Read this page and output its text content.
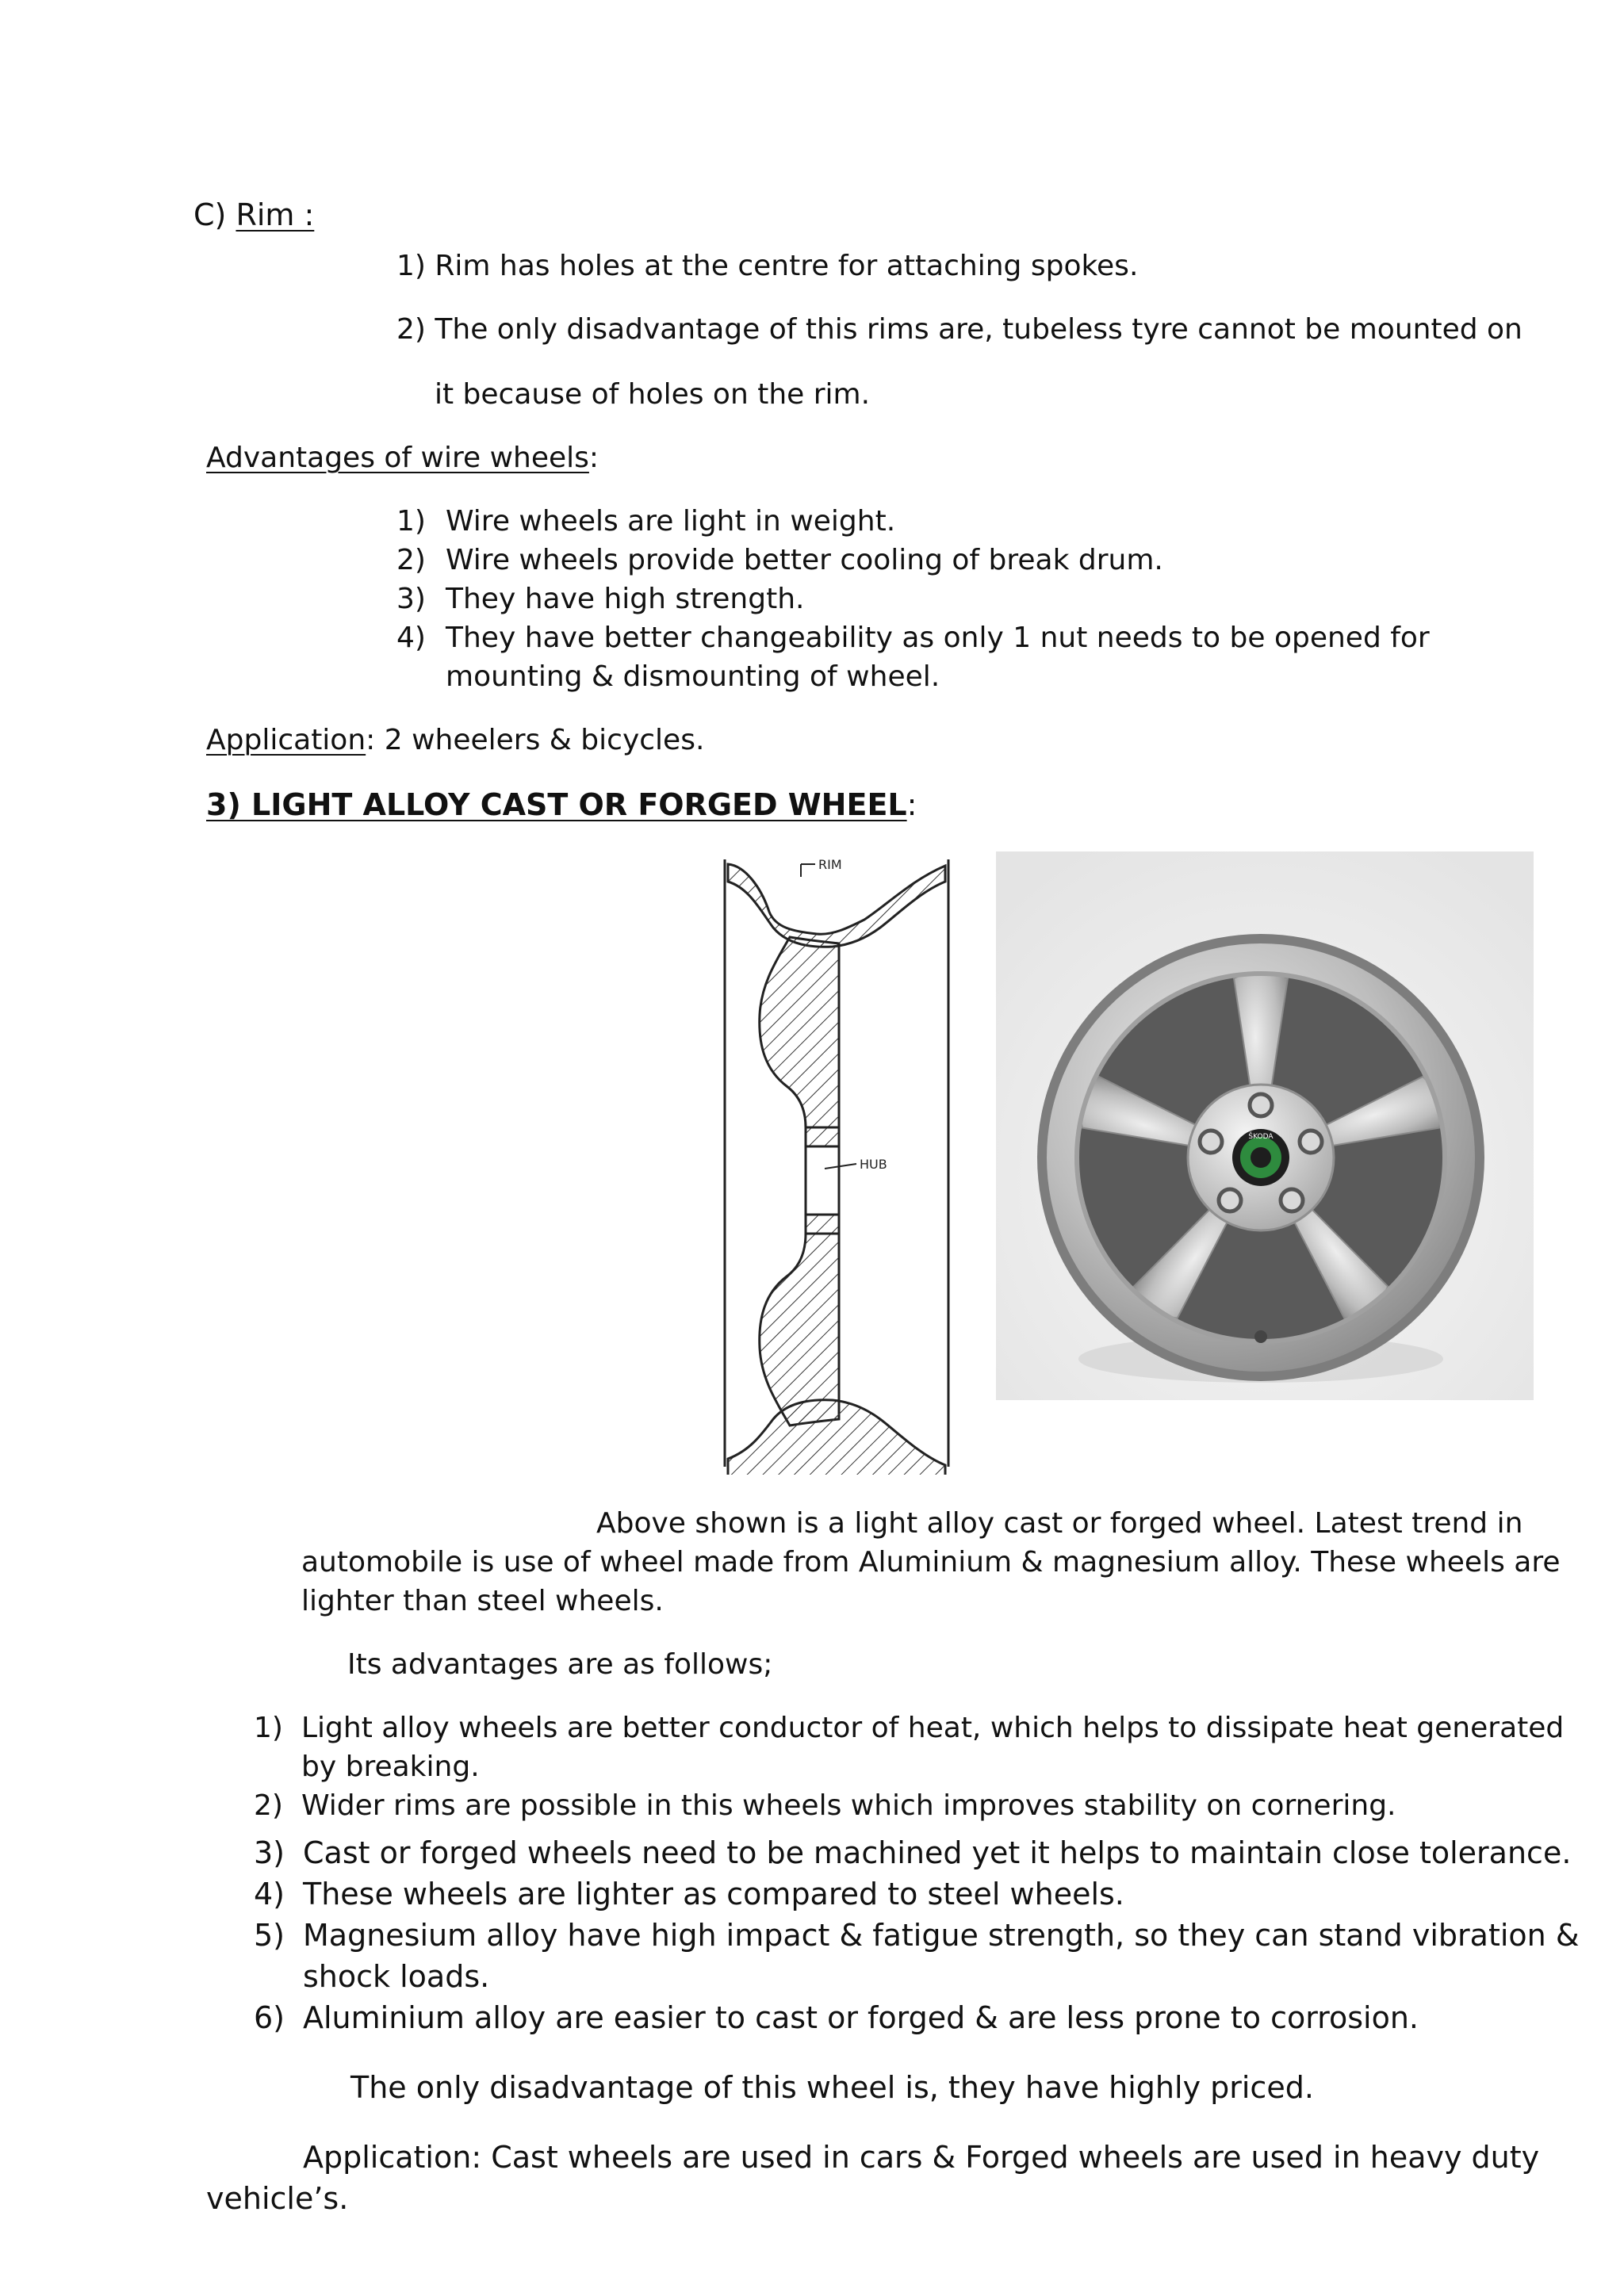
C) Rim :
1) Rim has holes at the centre for attaching spokes.
2) The only disadvantage of this rims are, tubeless tyre cannot be mounted on
it because of holes on the rim.
Advantages of wire wheels:
1) Wire wheels are light in weight.
2) Wire wheels provide better cooling of break drum.
3) They have high strength.
4) They have better changeability as only 1 nut needs to be opened for
mounting & dismounting of wheel.
Application: 2 wheelers & bicycles.
3) LIGHT ALLOY CAST OR FORGED WHEEL:
RIM
HUB
ŠKODA
Above shown is a light alloy cast or forged wheel. Latest trend in
automobile is use of wheel made from Aluminium & magnesium alloy. These wheels are
lighter than steel wheels.
Its advantages are as follows;
1) Light alloy wheels are better conductor of heat, which helps to dissipate heat generated
by breaking.
2) Wider rims are possible in this wheels which improves stability on cornering.
3) Cast or forged wheels need to be machined yet it helps to maintain close tolerance.
4) These wheels are lighter as compared to steel wheels.
5) Magnesium alloy have high impact & fatigue strength, so they can stand vibration &
shock loads.
6) Aluminium alloy are easier to cast or forged & are less prone to corrosion.
The only disadvantage of this wheel is, they have highly priced.
Application: Cast wheels are used in cars & Forged wheels are used in heavy duty
vehicle’s.
